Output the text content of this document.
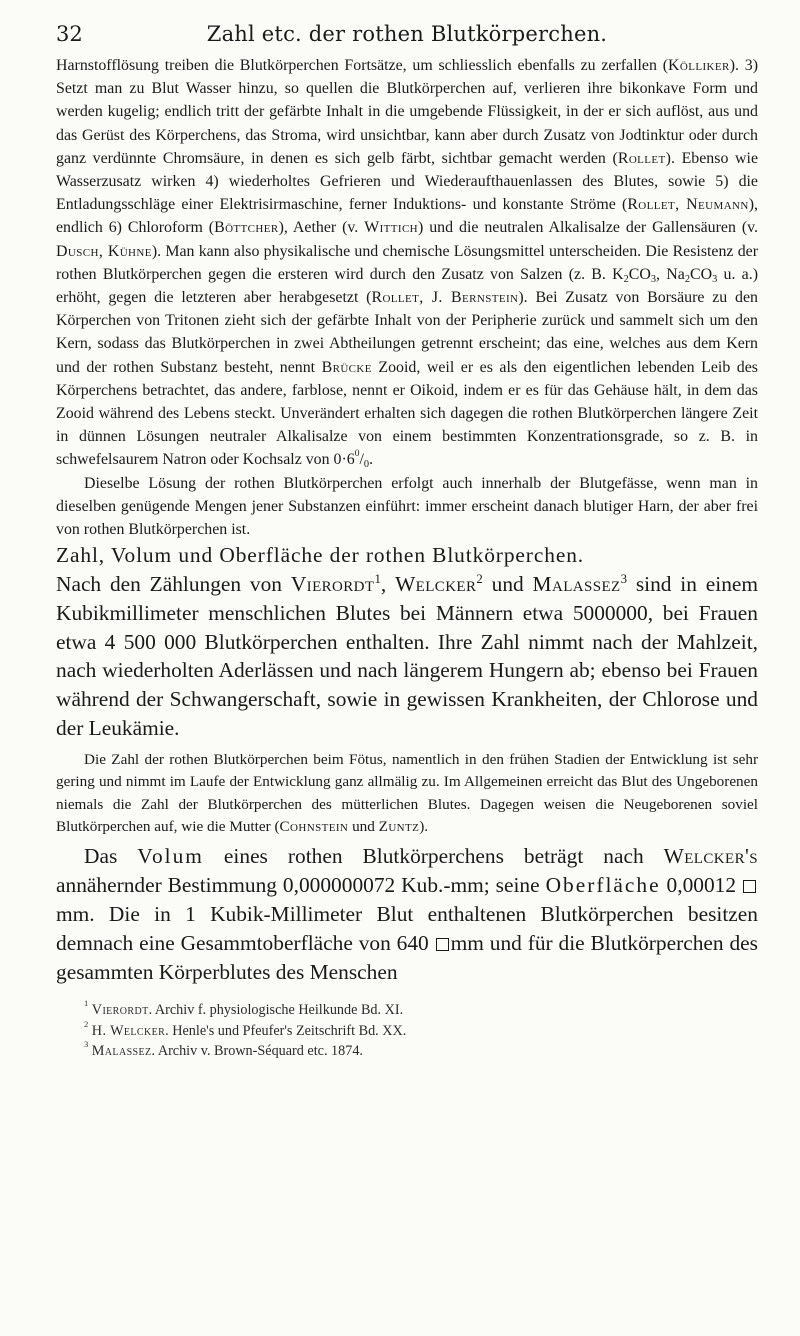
32	Zahl etc. der rothen Blutkörperchen.

Harnstofflösung treiben die Blutkörperchen Fortsätze, um schliesslich ebenfalls zu zerfallen (Kölliker). 3) Setzt man zu Blut Wasser hinzu, so quellen die Blutkörperchen auf, verlieren ihre bikonkave Form und werden kugelig; endlich tritt der gefärbte Inhalt in die umgebende Flüssigkeit, in der er sich auflöst, aus und das Gerüst des Körperchens, das Stroma, wird unsichtbar, kann aber durch Zusatz von Jodtinktur oder durch ganz verdünnte Chromsäure, in denen es sich gelb färbt, sichtbar gemacht werden (Rollet). Ebenso wie Wasserzusatz wirken 4) wiederholtes Gefrieren und Wiederaufthauenlassen des Blutes, sowie 5) die Entladungsschläge einer Elektrisirmaschine, ferner Induktions- und konstante Ströme (Rollet, Neumann), endlich 6) Chloroform (Böttcher), Aether (v. Wittich) und die neutralen Alkalisalze der Gallensäuren (v. Dusch, Kühne). Man kann also physikalische und chemische Lösungsmittel unterscheiden. Die Resistenz der rothen Blutkörperchen gegen die ersteren wird durch den Zusatz von Salzen (z. B. $K_2CO_3$, $Na_2CO_3$ u. a.) erhöht, gegen die letzteren aber herabgesetzt (Rollet, J. Bernstein). Bei Zusatz von Borsäure zu den Körperchen von Tritonen zieht sich der gefärbte Inhalt von der Peripherie zurück und sammelt sich um den Kern, sodass das Blutkörperchen in zwei Abtheilungen getrennt erscheint; das eine, welches aus dem Kern und der rothen Substanz besteht, nennt Brücke Zooid, weil er es als den eigentlichen lebenden Leib des Körperchens betrachtet, das andere, farblose, nennt er Oikoid, indem er es für das Gehäuse hält, in dem das Zooid während des Lebens steckt. Unverändert erhalten sich dagegen die rothen Blutkörperchen längere Zeit in dünnen Lösungen neutraler Alkalisalze von einem bestimmten Konzentrationsgrade, so z. B. in schwefelsaurem Natron oder Kochsalz von $0\cdot 6^0/_0$.

Dieselbe Lösung der rothen Blutkörperchen erfolgt auch innerhalb der Blutgefässe, wenn man in dieselben genügende Mengen jener Substanzen einführt: immer erscheint danach blutiger Harn, der aber frei von rothen Blutkörperchen ist.

Zahl, Volum und Oberfläche der rothen Blutkörperchen.

Nach den Zählungen von Vierordt$^1$, Welcker$^2$ und Malassez$^3$ sind in einem Kubikmillimeter menschlichen Blutes bei Männern etwa 5000000, bei Frauen etwa 4 500 000 Blutkörperchen enthalten. Ihre Zahl nimmt nach der Mahlzeit, nach wiederholten Aderlässen und nach längerem Hungern ab; ebenso bei Frauen während der Schwangerschaft, sowie in gewissen Krankheiten, der Chlorose und der Leukämie.

Die Zahl der rothen Blutkörperchen beim Fötus, namentlich in den frühen Stadien der Entwicklung ist sehr gering und nimmt im Laufe der Entwicklung ganz allmälig zu. Im Allgemeinen erreicht das Blut des Ungeborenen niemals die Zahl der Blutkörperchen des mütterlichen Blutes. Dagegen weisen die Neugeborenen soviel Blutkörperchen auf, wie die Mutter (Cohnstein und Zuntz).

Das Volum eines rothen Blutkörperchens beträgt nach Welcker's annähernder Bestimmung 0,000000072 Kub.-mm; seine Oberfläche 0,00012 mm. Die in 1 Kubik-Millimeter Blut enthaltenen Blutkörperchen besitzen demnach eine Gesammtoberfläche von 640 mm und für die Blutkörperchen des gesammten Körperblutes des Menschen

$^1$ Vierordt. Archiv f. physiologische Heilkunde Bd. XI.
$^2$ H. Welcker. Henle's und Pfeufer's Zeitschrift Bd. XX.
$^3$ Malassez. Archiv v. Brown-Séquard etc. 1874.
